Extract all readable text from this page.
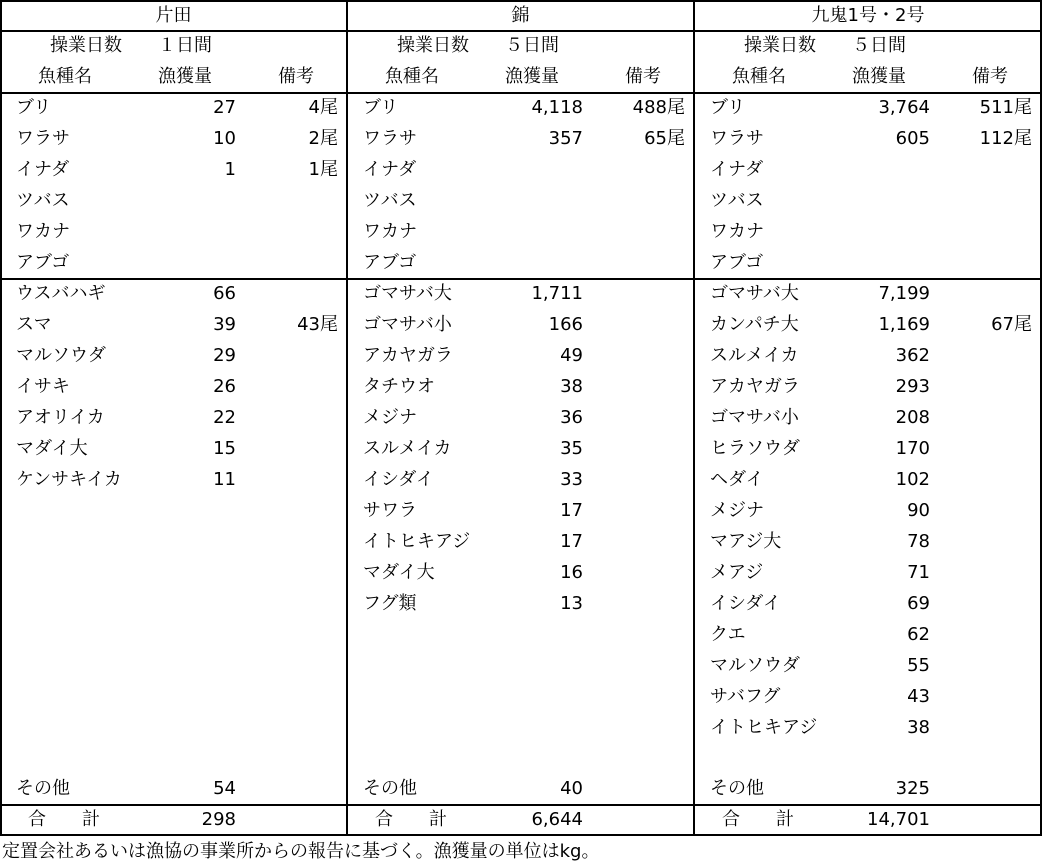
片田
操業日数 １日間
魚種名	漁獲量	備考
ブリ	27	4尾
ワラサ	10	2尾
イナダ	1	1尾
ツバス
ワカナ
アブゴ
ウスバハギ	66
スマ	39	43尾
マルソウダ	29
イサキ	26
アオリイカ	22
マダイ大	15
ケンサキイカ	11
その他	54
合　　計	298
錦
操業日数 ５日間
魚種名	漁獲量	備考
ブリ	4,118	488尾
ワラサ	357	65尾
イナダ
ツバス
ワカナ
アブゴ
ゴマサバ大	1,711
ゴマサバ小	166
アカヤガラ	49
タチウオ	38
メジナ	36
スルメイカ	35
イシダイ	33
サワラ	17
イトヒキアジ	17
マダイ大	16
フグ類	13
その他	40
合　　計	6,644
九鬼1号・2号
操業日数 ５日間
魚種名	漁獲量	備考
ブリ	3,764	511尾
ワラサ	605	112尾
イナダ
ツバス
ワカナ
アブゴ
ゴマサバ大	7,199
カンパチ大	1,169	67尾
スルメイカ	362
アカヤガラ	293
ゴマサバ小	208
ヒラソウダ	170
ヘダイ	102
メジナ	90
マアジ大	78
メアジ	71
イシダイ	69
クエ	62
マルソウダ	55
サバフグ	43
イトヒキアジ	38
その他	325
合　　計	14,701
定置会社あるいは漁協の事業所からの報告に基づく。漁獲量の単位はkg。
